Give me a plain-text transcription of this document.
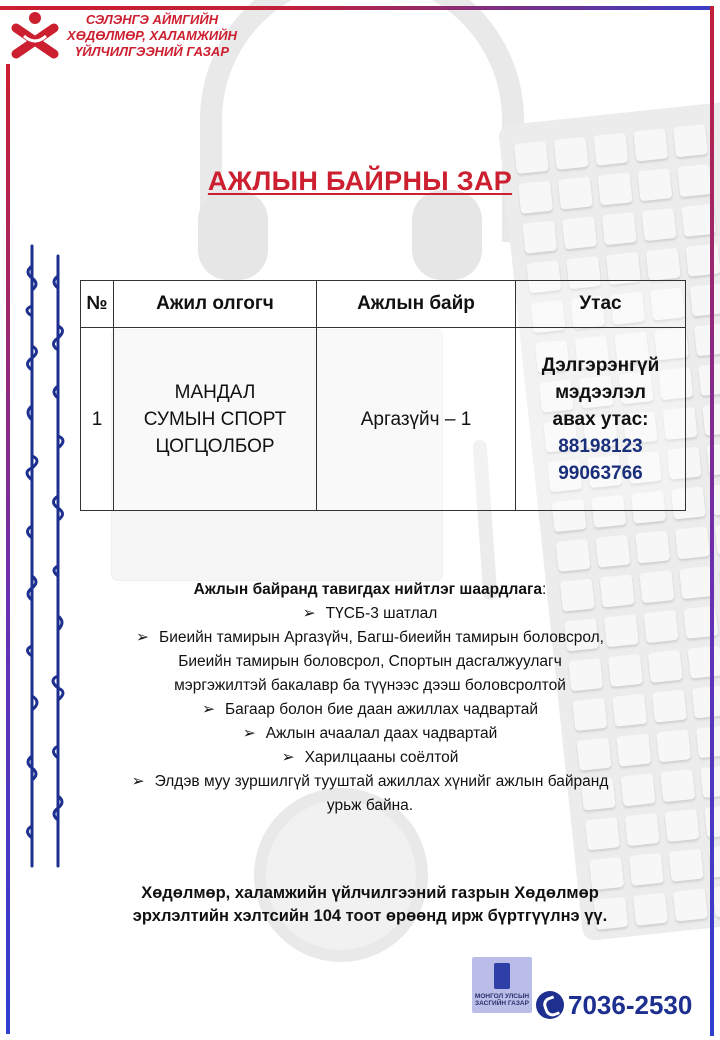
СЭЛЭНГЭ АЙМГИЙН
ХӨДӨЛМӨР, ХАЛАМЖИЙН
ҮЙЛЧИЛГЭЭНИЙ ГАЗАР
АЖЛЫН БАЙРНЫ ЗАР
№	Ажил олгогч	Ажлын байр	Утас
1	МАНДАЛ
СУМЫН СПОРТ
ЦОГЦОЛБОР	Аргазүйч – 1	Дэлгэрэнгүй
мэдээлэл
авах утас:
88198123
99063766
Ажлын байранд тавигдах нийтлэг шаардлага:
➢ ТҮСБ-3 шатлал
➢ Биеийн тамирын Аргазүйч, Багш-биеийн тамирын боловсрол, Биеийн тамирын боловсрол, Спортын дасгалжуулагч мэргэжилтэй бакалавр ба түүнээс дээш боловсролтой
➢ Багаар болон бие даан ажиллах чадвартай
➢ Ажлын ачаалал даах чадвартай
➢ Харилцааны соёлтой
➢ Элдэв муу зуршилгүй тууштай ажиллах хүнийг ажлын байранд урьж байна.
Хөдөлмөр, халамжийн үйлчилгээний газрын Хөдөлмөр
эрхлэлтийн хэлтсийн 104 тоот өрөөнд ирж бүртгүүлнэ үү.
МОНГОЛ УЛСЫН
ЗАСГИЙН ГАЗАР 7036-2530
